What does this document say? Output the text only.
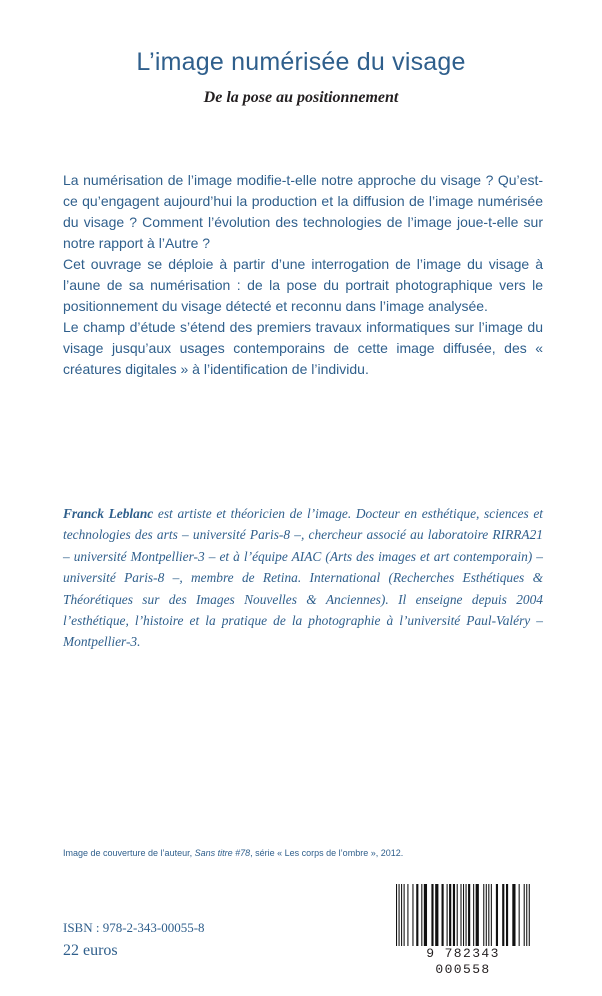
L’image numérisée du visage
De la pose au positionnement

La numérisation de l’image modifie-t-elle notre approche du visage ? Qu’est-ce qu’engagent aujourd’hui la production et la diffusion de l’image numérisée du visage ? Comment l’évolution des technologies de l’image joue-t-elle sur notre rapport à l’Autre ?

Cet ouvrage se déploie à partir d’une interrogation de l’image du visage à l’aune de sa numérisation : de la pose du portrait photographique vers le positionnement du visage détecté et reconnu dans l’image analysée.

Le champ d’étude s’étend des premiers travaux informatiques sur l’image du visage jusqu’aux usages contemporains de cette image diffusée, des « créatures digitales » à l’identification de l’individu.

Franck Leblanc est artiste et théoricien de l’image. Docteur en esthétique, sciences et technologies des arts – université Paris-8 –, chercheur associé au laboratoire RIRRA21 – université Montpellier-3 – et à l’équipe AIAC (Arts des images et art contemporain) – université Paris-8 –, membre de Retina. International (Recherches Esthétiques & Théorétiques sur des Images Nouvelles & Anciennes). Il enseigne depuis 2004 l’esthétique, l’histoire et la pratique de la photographie à l’université Paul-Valéry – Montpellier-3.
Image de couverture de l’auteur, Sans titre #78, série « Les corps de l’ombre », 2012.
ISBN : 978-2-343-00055-8
22 euros	9 782343 000558
